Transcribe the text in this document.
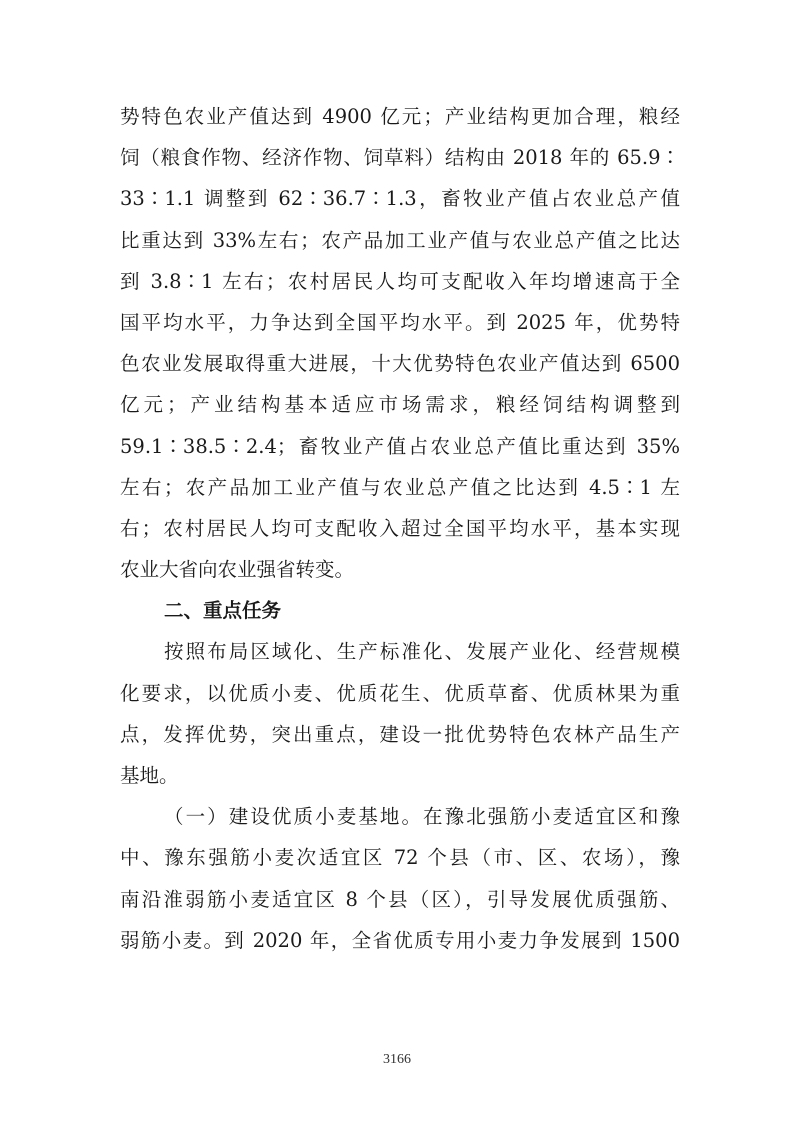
势特色农业产值达到 4900 亿元；产业结构更加合理，粮经
饲（粮食作物、经济作物、饲草料）结构由 2018 年的 65.9∶
33∶1.1 调整到 62∶36.7∶1.3，畜牧业产值占农业总产值
比重达到 33%左右；农产品加工业产值与农业总产值之比达
到 3.8∶1 左右；农村居民人均可支配收入年均增速高于全
国平均水平，力争达到全国平均水平。到 2025 年，优势特
色农业发展取得重大进展，十大优势特色农业产值达到 6500
亿元；产业结构基本适应市场需求，粮经饲结构调整到
59.1∶38.5∶2.4；畜牧业产值占农业总产值比重达到 35%
左右；农产品加工业产值与农业总产值之比达到 4.5∶1 左
右；农村居民人均可支配收入超过全国平均水平，基本实现
农业大省向农业强省转变。
二、重点任务
按照布局区域化、生产标准化、发展产业化、经营规模
化要求，以优质小麦、优质花生、优质草畜、优质林果为重
点，发挥优势，突出重点，建设一批优势特色农林产品生产
基地。
（一）建设优质小麦基地。在豫北强筋小麦适宜区和豫
中、豫东强筋小麦次适宜区 72 个县（市、区、农场），豫
南沿淮弱筋小麦适宜区 8 个县（区），引导发展优质强筋、
弱筋小麦。到 2020 年，全省优质专用小麦力争发展到 1500
3166
